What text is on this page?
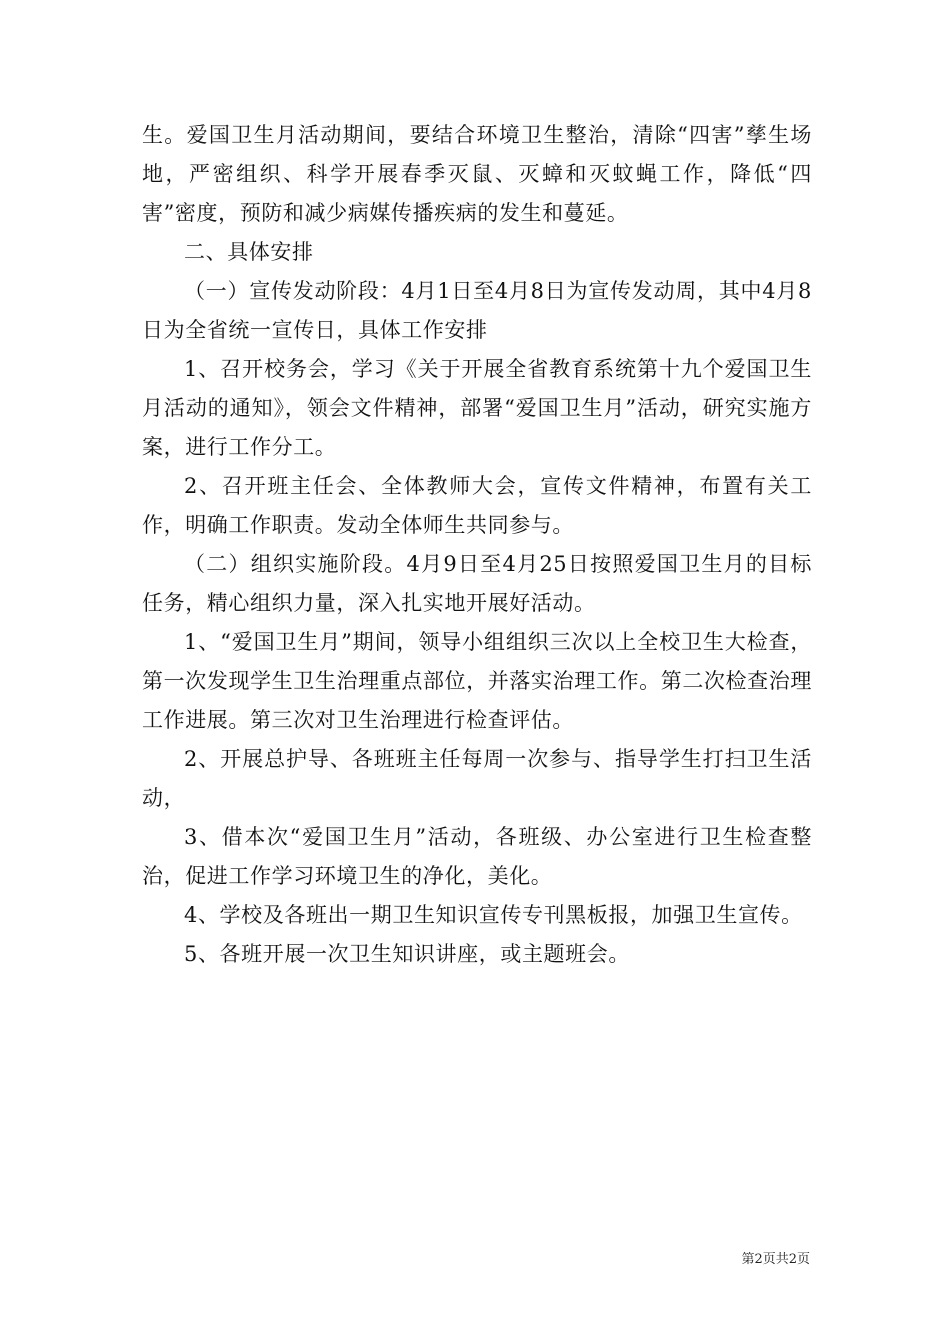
生。爱国卫生月活动期间，要结合环境卫生整治，清除“四害”孳生场地，严密组织、科学开展春季灭鼠、灭蟑和灭蚊蝇工作，降低“四害”密度，预防和减少病媒传播疾病的发生和蔓延。

二、具体安排

（一）宣传发动阶段：4月1日至4月8日为宣传发动周，其中4月8日为全省统一宣传日，具体工作安排

1、召开校务会，学习《关于开展全省教育系统第十九个爱国卫生月活动的通知》，领会文件精神，部署“爱国卫生月”活动，研究实施方案，进行工作分工。

2、召开班主任会、全体教师大会，宣传文件精神，布置有关工作，明确工作职责。发动全体师生共同参与。

（二）组织实施阶段。4月9日至4月25日按照爱国卫生月的目标任务，精心组织力量，深入扎实地开展好活动。

1、“爱国卫生月”期间，领导小组组织三次以上全校卫生大检查，第一次发现学生卫生治理重点部位，并落实治理工作。第二次检查治理工作进展。第三次对卫生治理进行检查评估。

2、开展总护导、各班班主任每周一次参与、指导学生打扫卫生活动，

3、借本次“爱国卫生月”活动，各班级、办公室进行卫生检查整治，促进工作学习环境卫生的净化，美化。

4、学校及各班出一期卫生知识宣传专刊黑板报，加强卫生宣传。

5、各班开展一次卫生知识讲座，或主题班会。

第2页共2页
